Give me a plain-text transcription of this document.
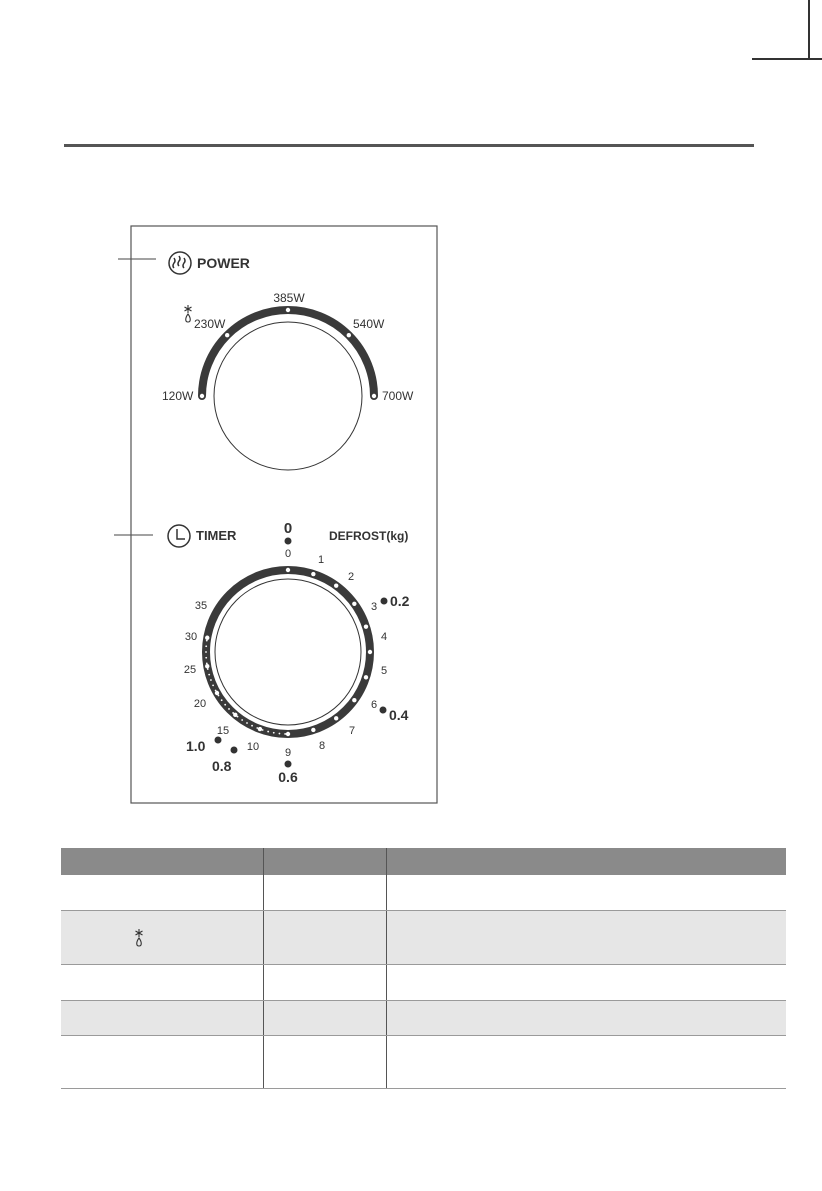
POWER
120W
230W
385W
540W
700W
TIMER	DEFROST(kg)
0
0 1
2
3
4
5
6
7
8
9
10
15
20
25
30
35	0.2
0.4
0.6
0.8
1.0
